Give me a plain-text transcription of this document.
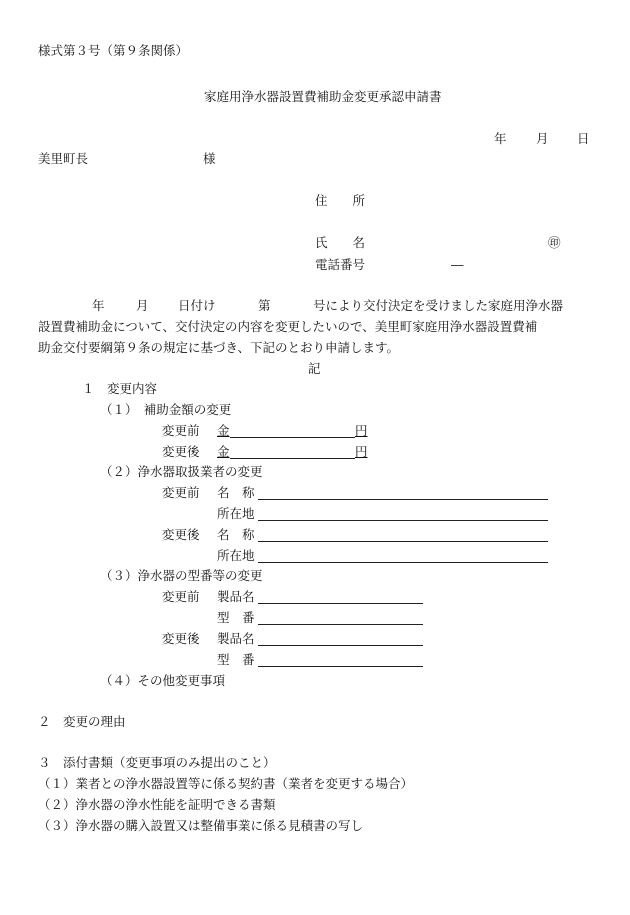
様式第３号（第９条関係）
家庭用浄水器設置費補助金変更承認申請書
年 月 日
美里町長	様
住　　所
氏　　名	㊞
電話番号	―
年	月 日付け	第	号により交付決定を受けました家庭用浄水器
設置費補助金について、交付決定の内容を変更したいので、美里町家庭用浄水器設置費補
助金交付要綱第９条の規定に基づき、下記のとおり申請します。
記
１　変更内容
（１）　補助金額の変更
変更前 金	円
変更後 金	円
（２）浄水器取扱業者の変更
変更前 名　称
所在地
変更後 名　称
所在地
（３）浄水器の型番等の変更
変更前 製品名
型　番
変更後 製品名
型　番
（４）その他変更事項
２　変更の理由
３　添付書類（変更事項のみ提出のこと）
（１）業者との浄水器設置等に係る契約書（業者を変更する場合）
（２）浄水器の浄水性能を証明できる書類
（３）浄水器の購入設置又は整備事業に係る見積書の写し
